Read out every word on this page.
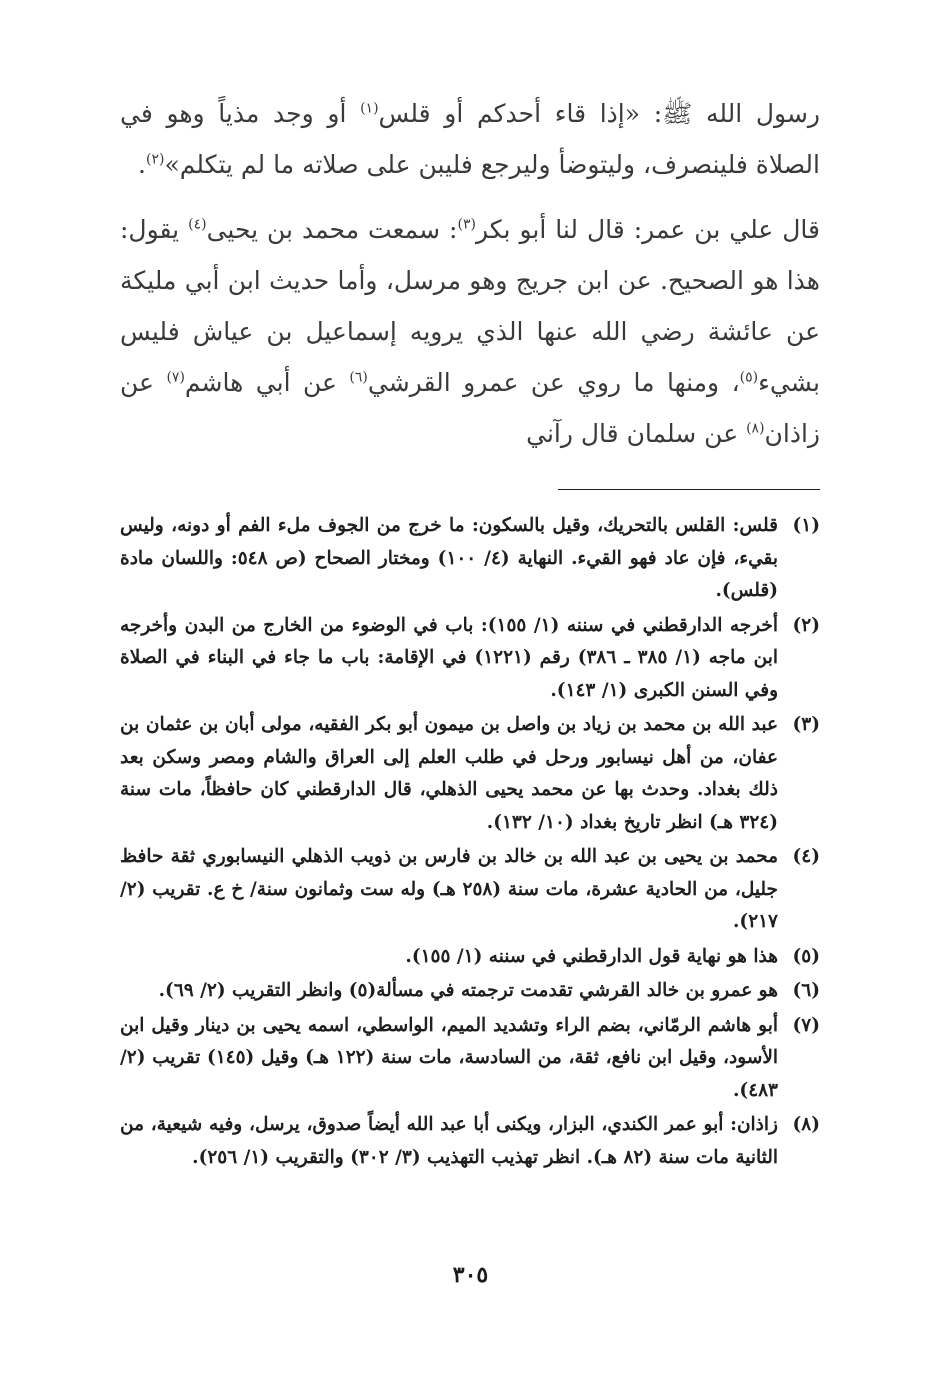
رسول الله ﷺ: «إذا قاء أحدكم أو قلس$^{(١)}$ أو وجد مذياً وهو في الصلاة فلينصرف، وليتوضأ وليرجع فليبن على صلاته ما لم يتكلم»$^{(٢)}$.

قال علي بن عمر: قال لنا أبو بكر$^{(٣)}$: سمعت محمد بن يحيى$^{(٤)}$ يقول: هذا هو الصحيح. عن ابن جريج وهو مرسل، وأما حديث ابن أبي مليكة عن عائشة رضي الله عنها الذي يرويه إسماعيل بن عياش فليس بشيء$^{(٥)}$، ومنها ما روي عن عمرو القرشي$^{(٦)}$ عن أبي هاشم$^{(٧)}$ عن زاذان$^{(٨)}$ عن سلمان قال رآني

(١)
قلس: القلس بالتحريك، وقيل بالسكون: ما خرج من الجوف ملء الفم أو دونه، وليس بقيء، فإن عاد فهو القيء. النهاية (٤/ ١٠٠) ومختار الصحاح (ص ٥٤٨: واللسان مادة (قلس).
(٢)
أخرجه الدارقطني في سننه (١/ ١٥٥): باب في الوضوء من الخارج من البدن وأخرجه ابن ماجه (١/ ٣٨٥ ـ ٣٨٦) رقم (١٢٢١) في الإقامة: باب ما جاء في البناء في الصلاة وفي السنن الكبرى (١/ ١٤٣).
(٣)
عبد الله بن محمد بن زياد بن واصل بن ميمون أبو بكر الفقيه، مولى أبان بن عثمان بن عفان، من أهل نيسابور ورحل في طلب العلم إلى العراق والشام ومصر وسكن بعد ذلك بغداد. وحدث بها عن محمد يحيى الذهلي، قال الدارقطني كان حافظاً، مات سنة (٣٢٤ هـ) انظر تاريخ بغداد (١٠/ ١٣٢).
(٤)
محمد بن يحيى بن عبد الله بن خالد بن فارس بن ذويب الذهلي النيسابوري ثقة حافظ جليل، من الحادية عشرة، مات سنة (٢٥٨ هـ) وله ست وثمانون سنة/ خ ع. تقريب (٢/ ٢١٧).
(٥)
هذا هو نهاية قول الدارقطني في سننه (١/ ١٥٥).
(٦)
هو عمرو بن خالد القرشي تقدمت ترجمته في مسألة(٥) وانظر التقريب (٢/ ٦٩).
(٧)
أبو هاشم الرمّاني، بضم الراء وتشديد الميم، الواسطي، اسمه يحيى بن دينار وقيل ابن الأسود، وقيل ابن نافع، ثقة، من السادسة، مات سنة (١٢٢ هـ) وقيل (١٤٥) تقريب (٢/ ٤٨٣).
(٨)
زاذان: أبو عمر الكندي، البزار، ويكنى أبا عبد الله أيضاً صدوق، يرسل، وفيه شيعية، من الثانية مات سنة (٨٢ هـ). انظر تهذيب التهذيب (٣/ ٣٠٢) والتقريب (١/ ٢٥٦).
٣٠٥
